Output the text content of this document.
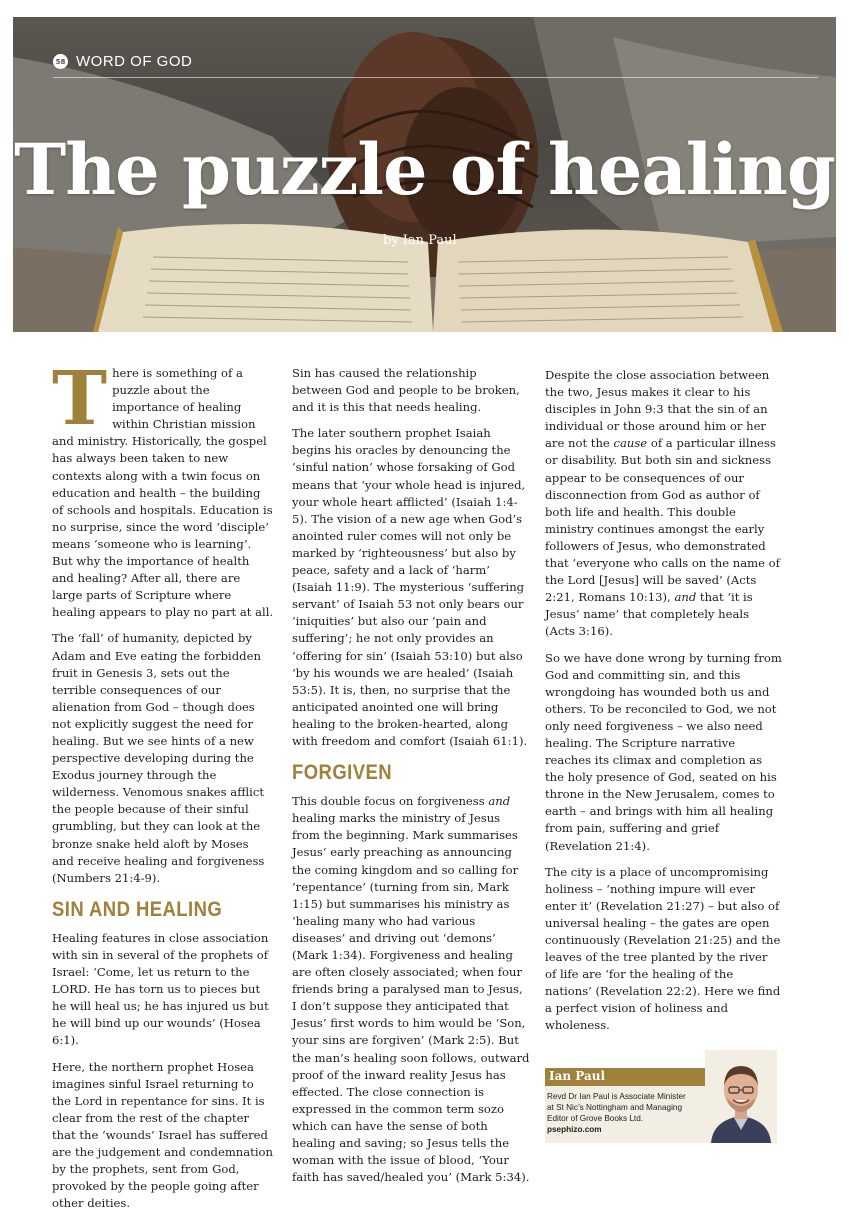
58 WORD OF GOD
The puzzle of healing
by Ian Paul

There is something of a puzzle about the importance of healing within Christian mission and ministry. Historically, the gospel has always been taken to new contexts along with a twin focus on education and health – the building of schools and hospitals. Education is no surprise, since the word ‘disciple’ means ‘someone who is learning’. But why the importance of health and healing? After all, there are large parts of Scripture where healing appears to play no part at all.

The ‘fall’ of humanity, depicted by Adam and Eve eating the forbidden fruit in Genesis 3, sets out the terrible consequences of our alienation from God – though does not explicitly suggest the need for healing. But we see hints of a new perspective developing during the Exodus journey through the wilderness. Venomous snakes afflict the people because of their sinful grumbling, but they can look at the bronze snake held aloft by Moses and receive healing and forgiveness (Numbers 21:4-9).

SIN AND HEALING

Healing features in close association with sin in several of the prophets of Israel: ‘Come, let us return to the LORD. He has torn us to pieces but he will heal us; he has injured us but he will bind up our wounds’ (Hosea 6:1).

Here, the northern prophet Hosea imagines sinful Israel returning to the Lord in repentance for sins. It is clear from the rest of the chapter that the ‘wounds’ Israel has suffered are the judgement and condemnation by the prophets, sent from God, provoked by the people going after other deities.

Sin has caused the relationship between God and people to be broken, and it is this that needs healing.

The later southern prophet Isaiah begins his oracles by denouncing the ‘sinful nation’ whose forsaking of God means that ‘your whole head is injured, your whole heart afflicted’ (Isaiah 1:4-5). The vision of a new age when God’s anointed ruler comes will not only be marked by ‘righteousness’ but also by peace, safety and a lack of ‘harm’ (Isaiah 11:9). The mysterious ‘suffering servant’ of Isaiah 53 not only bears our ‘iniquities’ but also our ‘pain and suffering’; he not only provides an ‘offering for sin’ (Isaiah 53:10) but also ‘by his wounds we are healed’ (Isaiah 53:5). It is, then, no surprise that the anticipated anointed one will bring healing to the broken-hearted, along with freedom and comfort (Isaiah 61:1).

FORGIVEN

This double focus on forgiveness and healing marks the ministry of Jesus from the beginning. Mark summarises Jesus’ early preaching as announcing the coming kingdom and so calling for ‘repentance’ (turning from sin, Mark 1:15) but summarises his ministry as ‘healing many who had various diseases’ and driving out ‘demons’ (Mark 1:34). Forgiveness and healing are often closely associated; when four friends bring a paralysed man to Jesus, I don’t suppose they anticipated that Jesus’ first words to him would be ‘Son, your sins are forgiven’ (Mark 2:5). But the man’s healing soon follows, outward proof of the inward reality Jesus has effected. The close connection is expressed in the common term sozo which can have the sense of both healing and saving; so Jesus tells the woman with the issue of blood, ‘Your faith has saved/healed you’ (Mark 5:34).

Despite the close association between the two, Jesus makes it clear to his disciples in John 9:3 that the sin of an individual or those around him or her are not the cause of a particular illness or disability. But both sin and sickness appear to be consequences of our disconnection from God as author of both life and health. This double ministry continues amongst the early followers of Jesus, who demonstrated that ‘everyone who calls on the name of the Lord [Jesus] will be saved’ (Acts 2:21, Romans 10:13), and that ‘it is Jesus’ name’ that completely heals (Acts 3:16).

So we have done wrong by turning from God and committing sin, and this wrongdoing has wounded both us and others. To be reconciled to God, we not only need forgiveness – we also need healing. The Scripture narrative reaches its climax and completion as the holy presence of God, seated on his throne in the New Jerusalem, comes to earth – and brings with him all healing from pain, suffering and grief (Revelation 21:4).

The city is a place of uncompromising holiness – ‘nothing impure will ever enter it’ (Revelation 21:27) – but also of universal healing – the gates are open continuously (Revelation 21:25) and the leaves of the tree planted by the river of life are ‘for the healing of the nations’ (Revelation 22:2). Here we find a perfect vision of holiness and wholeness.

Ian Paul
Revd Dr Ian Paul is Associate Minister at St Nic’s Nottingham and Managing Editor of Grove Books Ltd. psephizo.com
